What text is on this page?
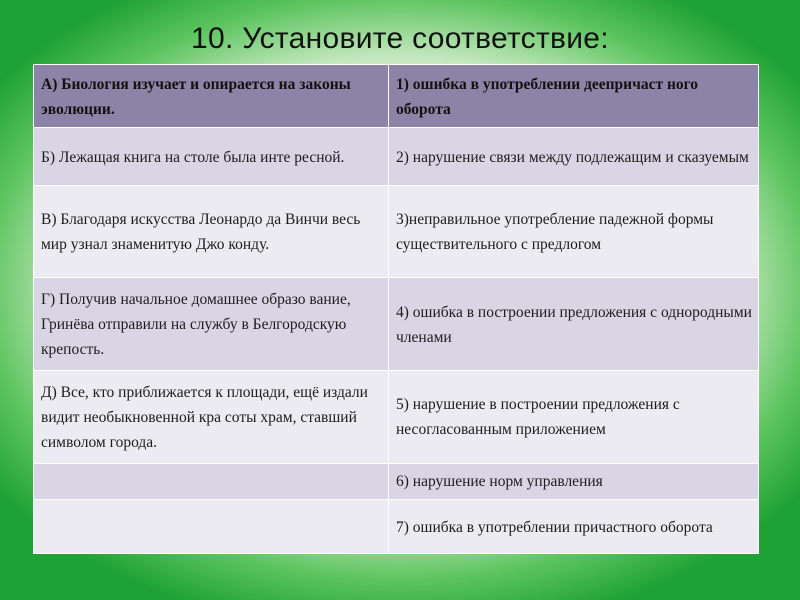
10. Установите соответствие:
А) Биология изучает и опирается на законы эволюции.	1) ошибка в употреблении деепричаст ного оборота
Б) Лежащая книга на столе была инте ресной.	2) нарушение связи между подлежащим и сказуемым
В) Благодаря искусства Леонардо да Винчи весь мир узнал знаменитую Джо конду.	3)неправильное употребление падежной формы существительного с предлогом
Г) Получив начальное домашнее образо вание, Гринёва отправили на службу в Белгородскую крепость.	4) ошибка в построении предложения с однородными членами
Д) Все, кто приближается к площади, ещё издали видит необыкновенной кра соты храм, ставший символом города.	5) нарушение в построении предложения с несогласованным приложением
	6) нарушение норм управления
	7) ошибка в употреблении причастного оборота
